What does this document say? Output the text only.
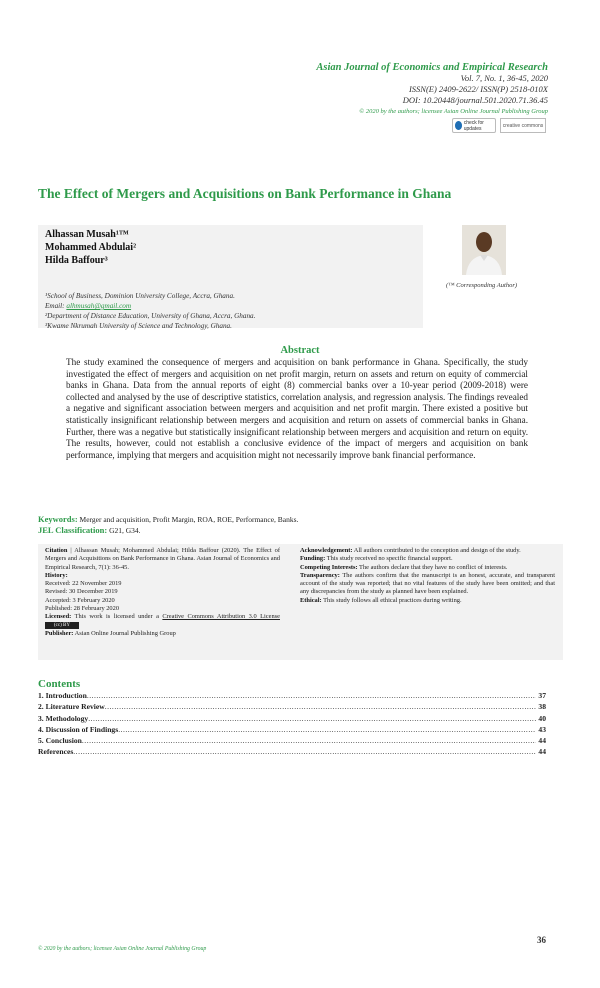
Asian Journal of Economics and Empirical Research
Vol. 7, No. 1, 36-45, 2020
ISSN(E) 2409-2622/ ISSN(P) 2518-010X
DOI: 10.20448/journal.501.2020.71.36.45
© 2020 by the authors; licensee Asian Online Journal Publishing Group
check for updates	creative commons
The Effect of Mergers and Acquisitions on Bank Performance in Ghana
Alhassan Musah¹™
Mohammed Abdulai²
Hilda Baffour³
¹School of Business, Dominion University College, Accra, Ghana.
Email: alhmusah@gmail.com
²Department of Distance Education, University of Ghana, Accra, Ghana.
³Kwame Nkrumah University of Science and Technology, Ghana.
(™ Corresponding Author)
Abstract
The study examined the consequence of mergers and acquisition on bank performance in Ghana. Specifically, the study investigated the effect of mergers and acquisition on net profit margin, return on assets and return on equity of commercial banks in Ghana. Data from the annual reports of eight (8) commercial banks over a 10-year period (2009-2018) were collected and analysed by the use of descriptive statistics, correlation analysis, and regression analysis. The findings revealed a negative and significant association between mergers and acquisition and net profit margin. There existed a positive but statistically insignificant relationship between mergers and acquisition and return on assets of commercial banks in Ghana. Further, there was a negative but statistically insignificant relationship between mergers and acquisition and return on equity. The results, however, could not establish a conclusive evidence of the impact of mergers and acquisition on bank performance, implying that mergers and acquisition might not necessarily improve bank financial performance.
Keywords: Merger and acquisition, Profit Margin, ROA, ROE, Performance, Banks.
JEL Classification: G21, G34.
Citation | Alhassan Musah; Mohammed Abdulai; Hilda Baffour (2020). The Effect of Mergers and Acquisitions on Bank Performance in Ghana. Asian Journal of Economics and Empirical Research, 7(1): 36-45.
History:
Received: 22 November 2019
Revised: 30 December 2019
Accepted: 3 February 2020
Published: 28 February 2020
Licensed: This work is licensed under a Creative Commons Attribution 3.0 License (cc) BY
Publisher: Asian Online Journal Publishing Group
Acknowledgement: All authors contributed to the conception and design of the study.
Funding: This study received no specific financial support.
Competing Interests: The authors declare that they have no conflict of interests.
Transparency: The authors confirm that the manuscript is an honest, accurate, and transparent account of the study was reported; that no vital features of the study have been omitted; and that any discrepancies from the study as planned have been explained.
Ethical: This study follows all ethical practices during writing.
Contents
1. Introduction .....	37
2. Literature Review .....	38
3. Methodology .....	40
4. Discussion of Findings .....	43
5. Conclusion .....	44
References .....	44
36
© 2020 by the authors; licensee Asian Online Journal Publishing Group
